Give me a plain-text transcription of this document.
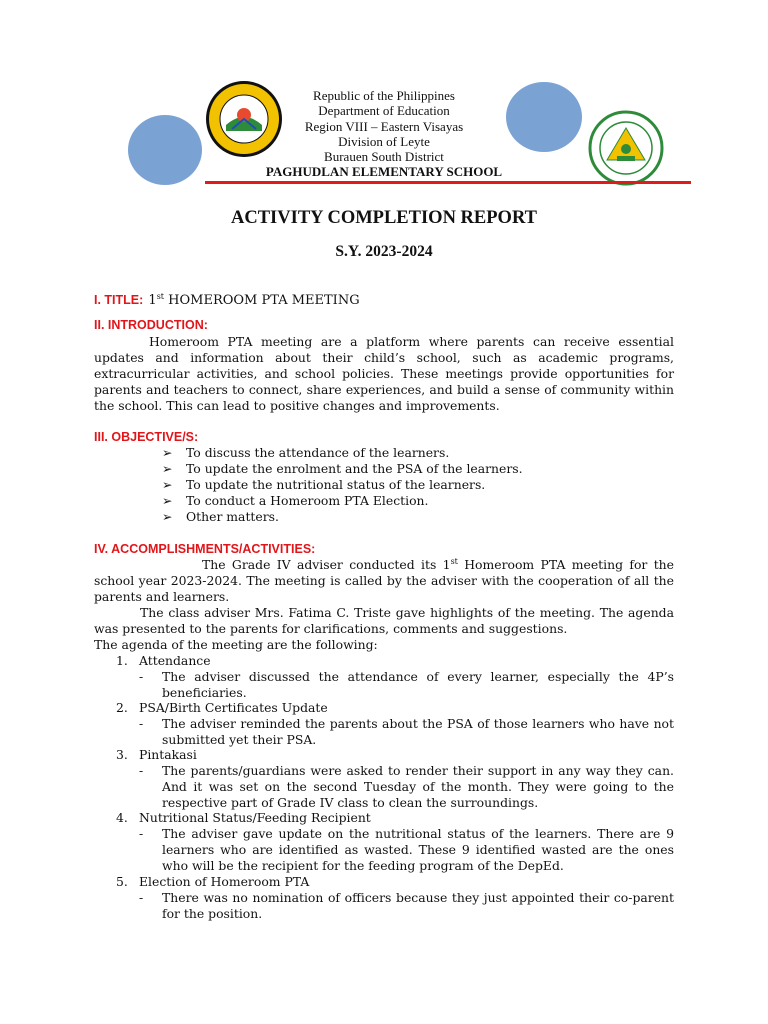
Republic of the Philippines
Department of Education
Region VIII – Eastern Visayas
Division of Leyte
Burauen South District
PAGHUDLAN ELEMENTARY SCHOOL
ACTIVITY COMPLETION REPORT
S.Y. 2023-2024
I. TITLE: 1st HOMEROOM PTA MEETING
II. INTRODUCTION:
Homeroom PTA meeting are a platform where parents can receive essential updates and information about their child’s school, such as academic programs, extracurricular activities, and school policies. These meetings provide opportunities for parents and teachers to connect, share experiences, and build a sense of community within the school. This can lead to positive changes and improvements.
III. OBJECTIVE/S:
➢ To discuss the attendance of the learners.
➢ To update the enrolment and the PSA of the learners.
➢ To update the nutritional status of the learners.
➢ To conduct a Homeroom PTA Election.
➢ Other matters.
IV. ACCOMPLISHMENTS/ACTIVITIES:
The Grade IV adviser conducted its 1st Homeroom PTA meeting for the school year 2023-2024. The meeting is called by the adviser with the cooperation of all the parents and learners.
The class adviser Mrs. Fatima C. Triste gave highlights of the meeting. The agenda was presented to the parents for clarifications, comments and suggestions.
The agenda of the meeting are the following:
1. Attendance
- The adviser discussed the attendance of every learner, especially the 4P’s beneficiaries.
2. PSA/Birth Certificates Update
- The adviser reminded the parents about the PSA of those learners who have not submitted yet their PSA.
3. Pintakasi
- The parents/guardians were asked to render their support in any way they can. And it was set on the second Tuesday of the month. They were going to the respective part of Grade IV class to clean the surroundings.
4. Nutritional Status/Feeding Recipient
- The adviser gave update on the nutritional status of the learners. There are 9 learners who are identified as wasted. These 9 identified wasted are the ones who will be the recipient for the feeding program of the DepEd.
5. Election of Homeroom PTA
- There was no nomination of officers because they just appointed their co-parent for the position.
